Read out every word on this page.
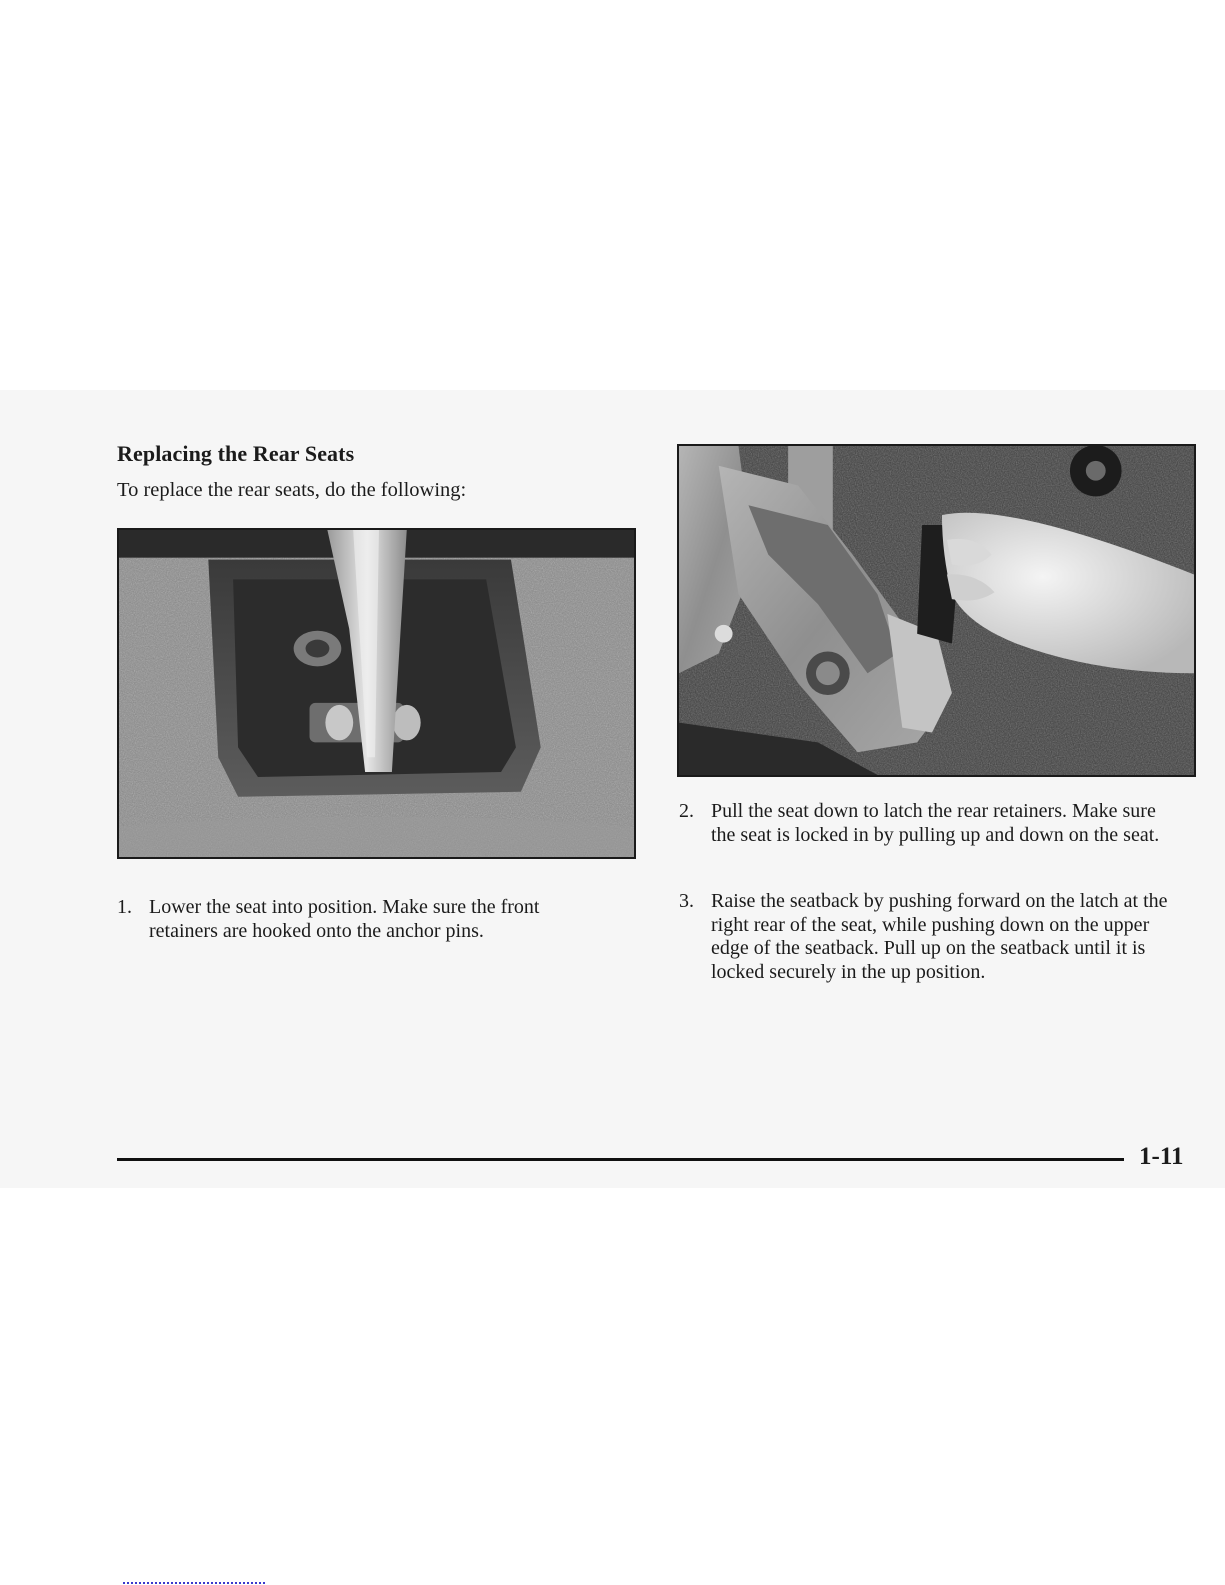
Replacing the Rear Seats

To replace the rear seats, do the following:

1. Lower the seat into position. Make sure the front retainers are hooked onto the anchor pins.
2. Pull the seat down to latch the rear retainers. Make sure the seat is locked in by pulling up and down on the seat.
3. Raise the seatback by pushing forward on the latch at the right rear of the seat, while pushing down on the upper edge of the seatback. Pull up on the seatback until it is locked securely in the up position.

1-11
